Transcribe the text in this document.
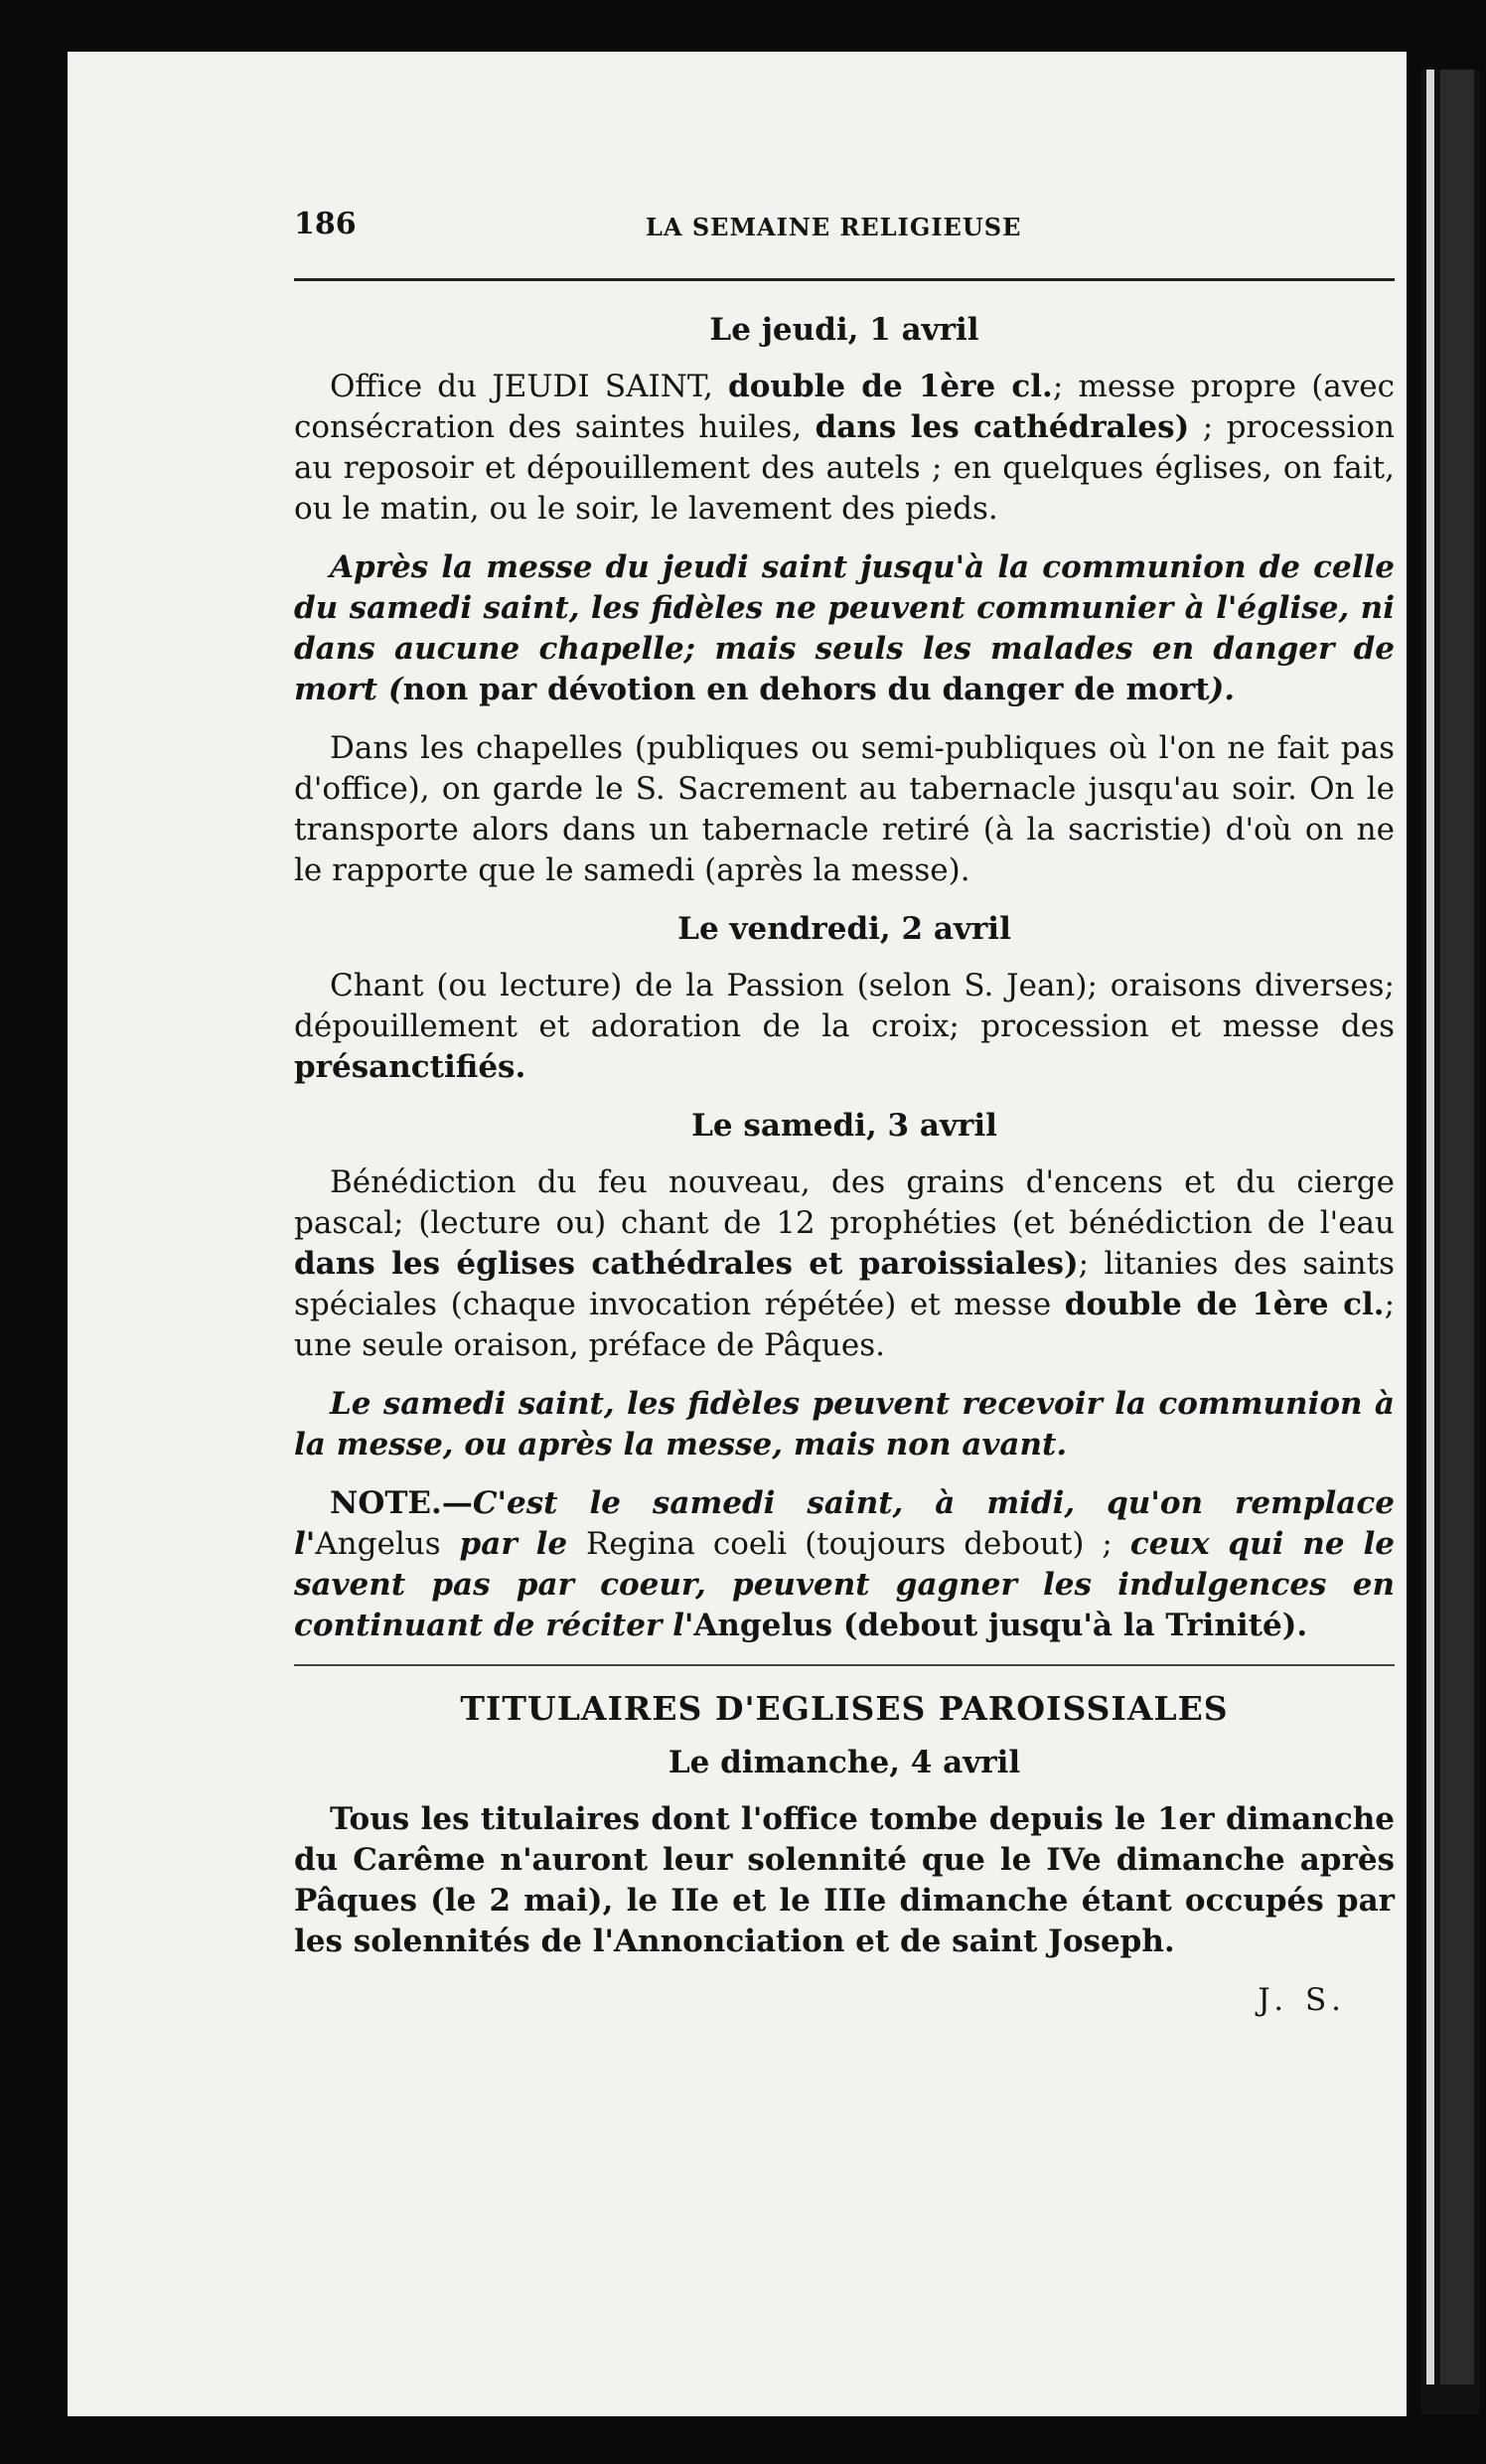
186	LA SEMAINE RELIGIEUSE
Le jeudi, 1 avril

Office du JEUDI SAINT, double de 1ère cl.; messe propre (avec consécration des saintes huiles, dans les cathédrales) ; procession au reposoir et dépouillement des autels ; en quelques églises, on fait, ou le matin, ou le soir, le lavement des pieds.

Après la messe du jeudi saint jusqu'à la communion de celle du samedi saint, les fidèles ne peuvent communier à l'église, ni dans aucune chapelle; mais seuls les malades en danger de mort (non par dévotion en dehors du danger de mort).

Dans les chapelles (publiques ou semi-publiques où l'on ne fait pas d'office), on garde le S. Sacrement au tabernacle jusqu'au soir. On le transporte alors dans un tabernacle retiré (à la sacristie) d'où on ne le rapporte que le samedi (après la messe).

Le vendredi, 2 avril

Chant (ou lecture) de la Passion (selon S. Jean); oraisons diverses; dépouillement et adoration de la croix; procession et messe des présanctifiés.

Le samedi, 3 avril

Bénédiction du feu nouveau, des grains d'encens et du cierge pascal; (lecture ou) chant de 12 prophéties (et bénédiction de l'eau dans les églises cathédrales et paroissiales); litanies des saints spéciales (chaque invocation répétée) et messe double de 1ère cl.; une seule oraison, préface de Pâques.

Le samedi saint, les fidèles peuvent recevoir la communion à la messe, ou après la messe, mais non avant.

NOTE.—C'est le samedi saint, à midi, qu'on remplace l'Angelus par le Regina coeli (toujours debout) ; ceux qui ne le savent pas par coeur, peuvent gagner les indulgences en continuant de réciter l'Angelus (debout jusqu'à la Trinité).

TITULAIRES D'EGLISES PAROISSIALES
Le dimanche, 4 avril

Tous les titulaires dont l'office tombe depuis le 1er dimanche du Carême n'auront leur solennité que le IVe dimanche après Pâques (le 2 mai), le IIe et le IIIe dimanche étant occupés par les solennités de l'Annonciation et de saint Joseph.

J. S.
